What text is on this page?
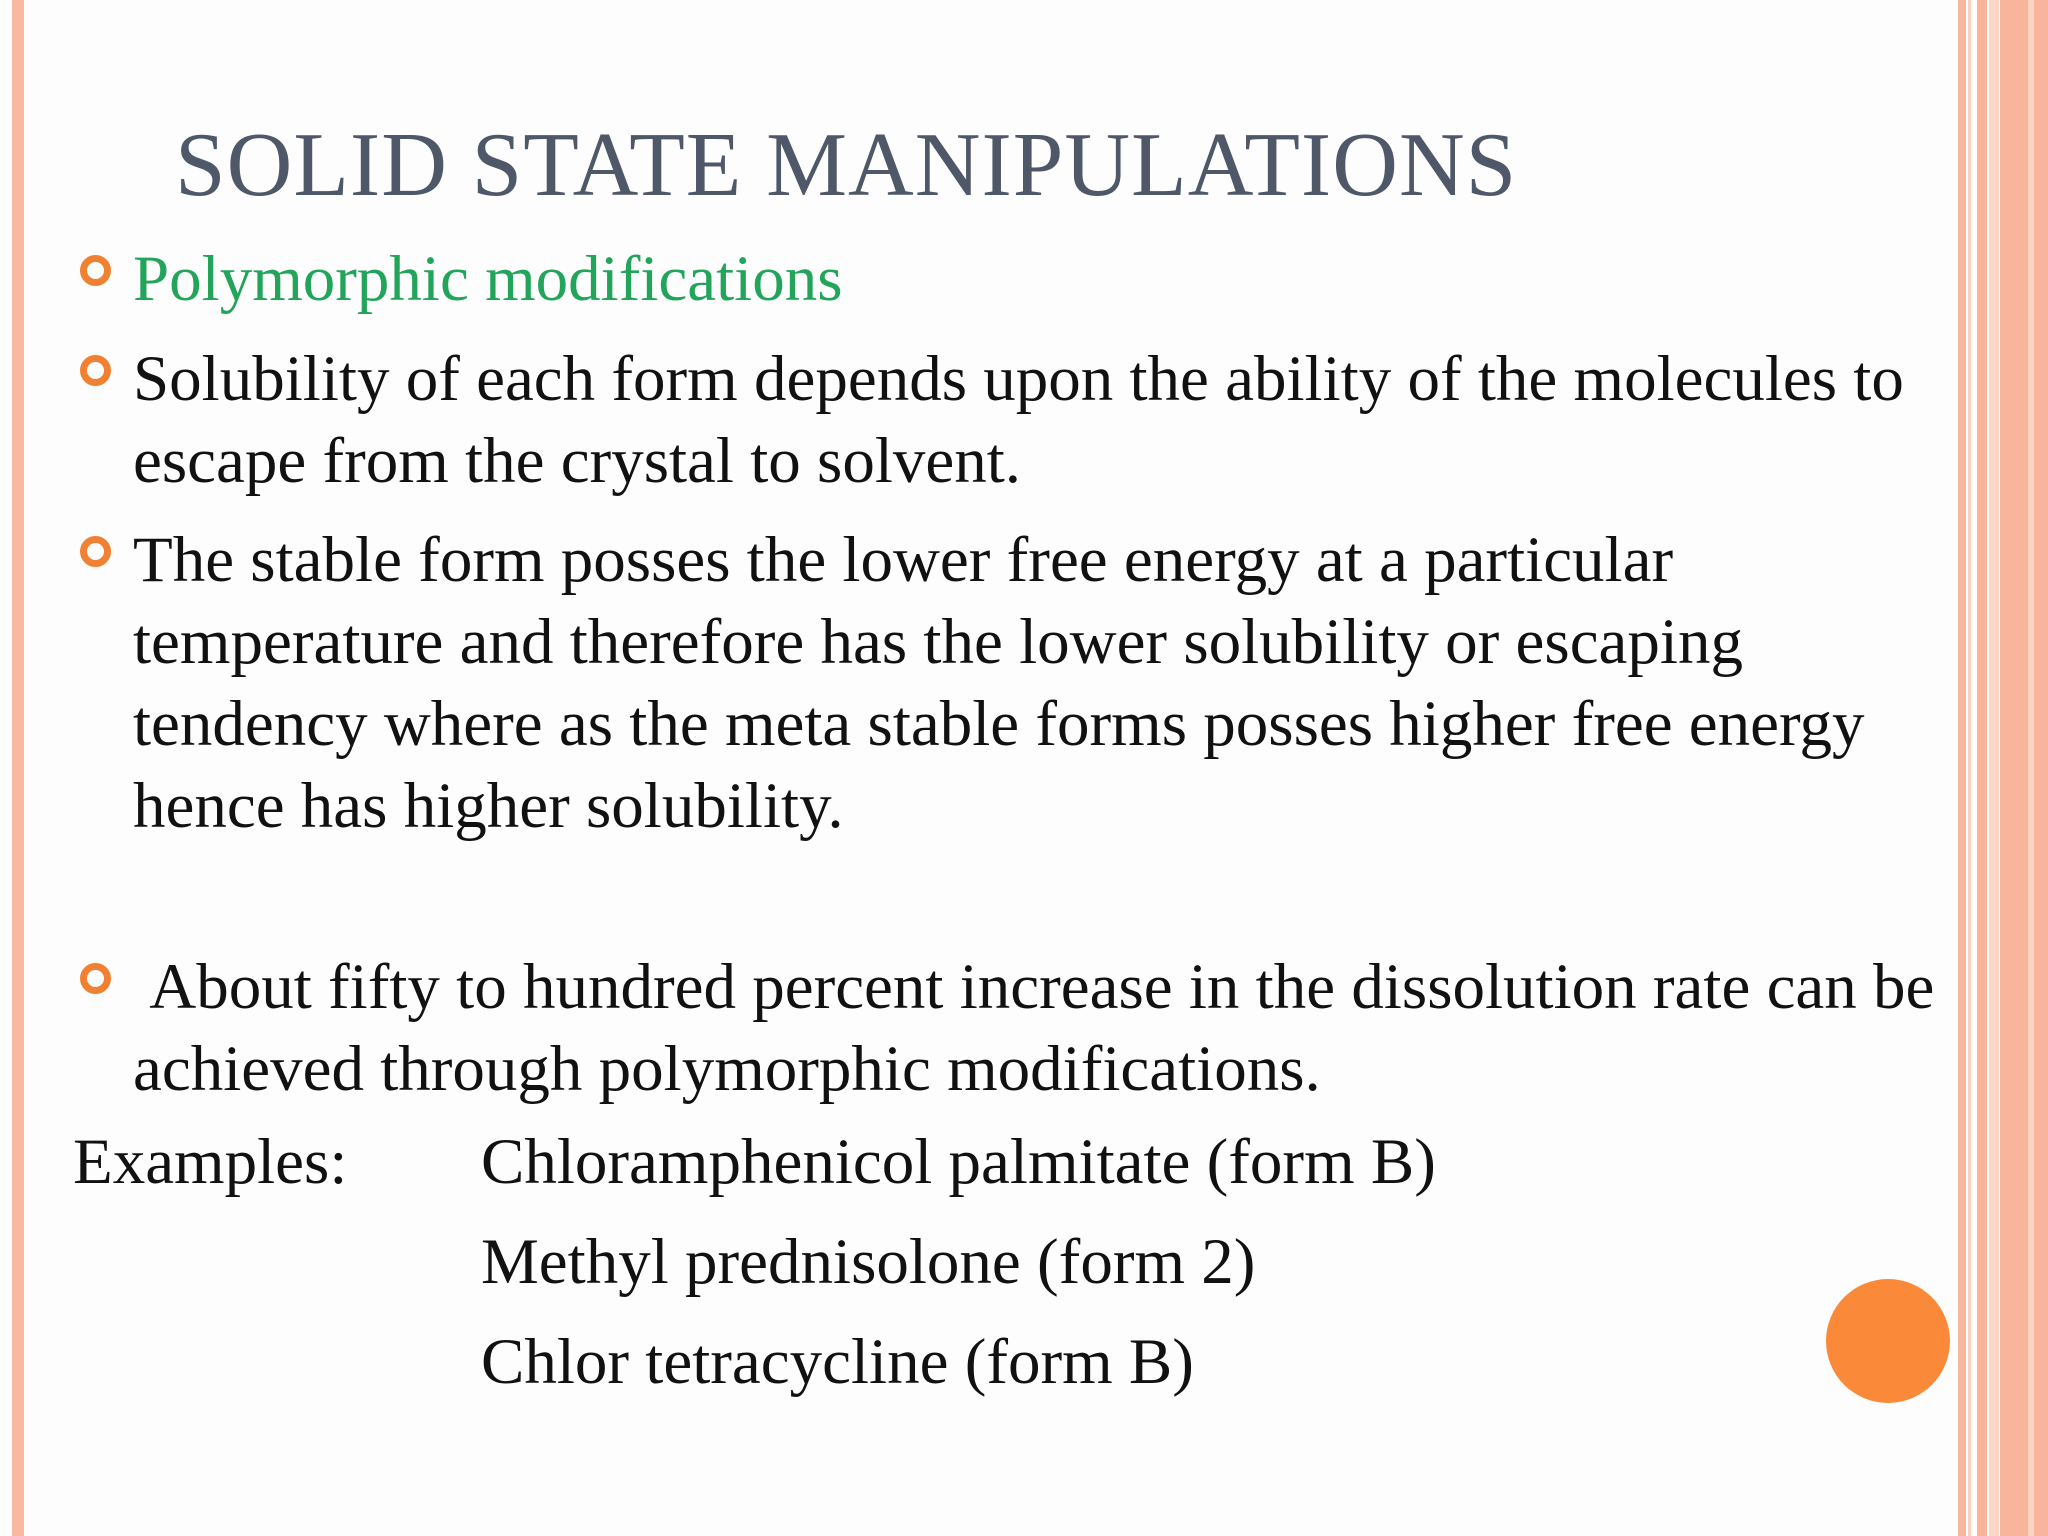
SOLID STATE MANIPULATIONS
Polymorphic modifications
Solubility of each form depends upon the ability of the molecules to escape from the crystal to solvent.
The stable form posses the lower free energy at a particular temperature and therefore has the lower solubility or escaping tendency where as the meta stable forms posses higher free energy hence has higher solubility.
About fifty to hundred percent increase in the dissolution rate can be achieved through polymorphic modifications.
Examples: Chloramphenicol palmitate (form B)
Methyl prednisolone (form 2)
Chlor tetracycline (form B)
